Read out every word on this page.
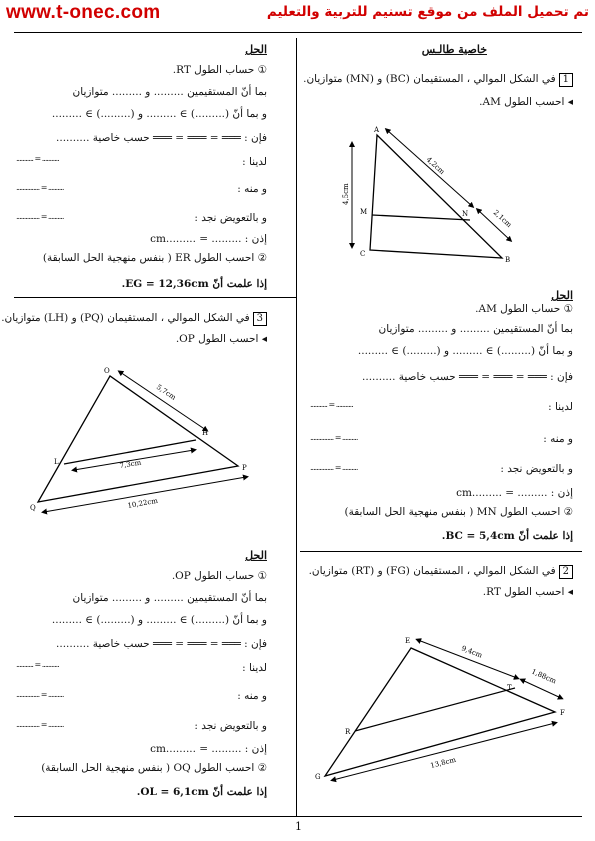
www.t-onec.com	تم تحميل الملف من موقع تسنيم للتربية والتعليم
خاصية طالـس
1في الشكل الموالي ، المستقيمان (BC) و (MN) متوازيان.
◂ احسب الطول AM.
A
M	N
C
B
4,2cm
4,5cm
2,1cm
الحل
① حساب الطول AM.
بما أنّ المستقيمين ......... و ......... متوازيان
و بما أنّ (.........) ∋ ......... و (.........) ∋ .........
فإن : ═══ = ═══ = ═══ حسب خاصية ..........
لدينا :
........... = ...........
و منه :
............... = ..........
و بالتعويض نجد :
............... = ..........
إذن : ......... = .........cm
② احسب الطول MN ( بنفس منهجية الحل السابقة)
إذا علمت أنّ BC = 5,4cm.
2في الشكل الموالي ، المستقيمان (FG) و (RT) متوازيان.
◂ احسب الطول RT.
E
T
F
R
G
9,4cm
1,88cm
13,8cm
الحل
① حساب الطول RT.
بما أنّ المستقيمين ......... و ......... متوازيان
و بما أنّ (.........) ∋ ......... و (.........) ∋ .........
فإن : ═══ = ═══ = ═══ حسب خاصية ..........
لدينا :
........... = ...........
و منه :
............... = ..........
و بالتعويض نجد :
............... = ..........
إذن : ......... = .........cm
② احسب الطول ER ( بنفس منهجية الحل السابقة)
إذا علمت أنّ EG = 12,36cm.
3في الشكل الموالي ، المستقيمان (PQ) و (LH) متوازيان.
◂ احسب الطول OP.
O
H
L
P
Q
5,7cm
7,3cm
10,22cm
الحل
① حساب الطول OP.
بما أنّ المستقيمين ......... و ......... متوازيان
و بما أنّ (.........) ∋ ......... و (.........) ∋ .........
فإن : ═══ = ═══ = ═══ حسب خاصية ..........
لدينا :
........... = ...........
و منه :
............... = ..........
و بالتعويض نجد :
............... = ..........
إذن : ......... = .........cm
② احسب الطول OQ ( بنفس منهجية الحل السابقة)
إذا علمت أنّ OL = 6,1cm.
1
